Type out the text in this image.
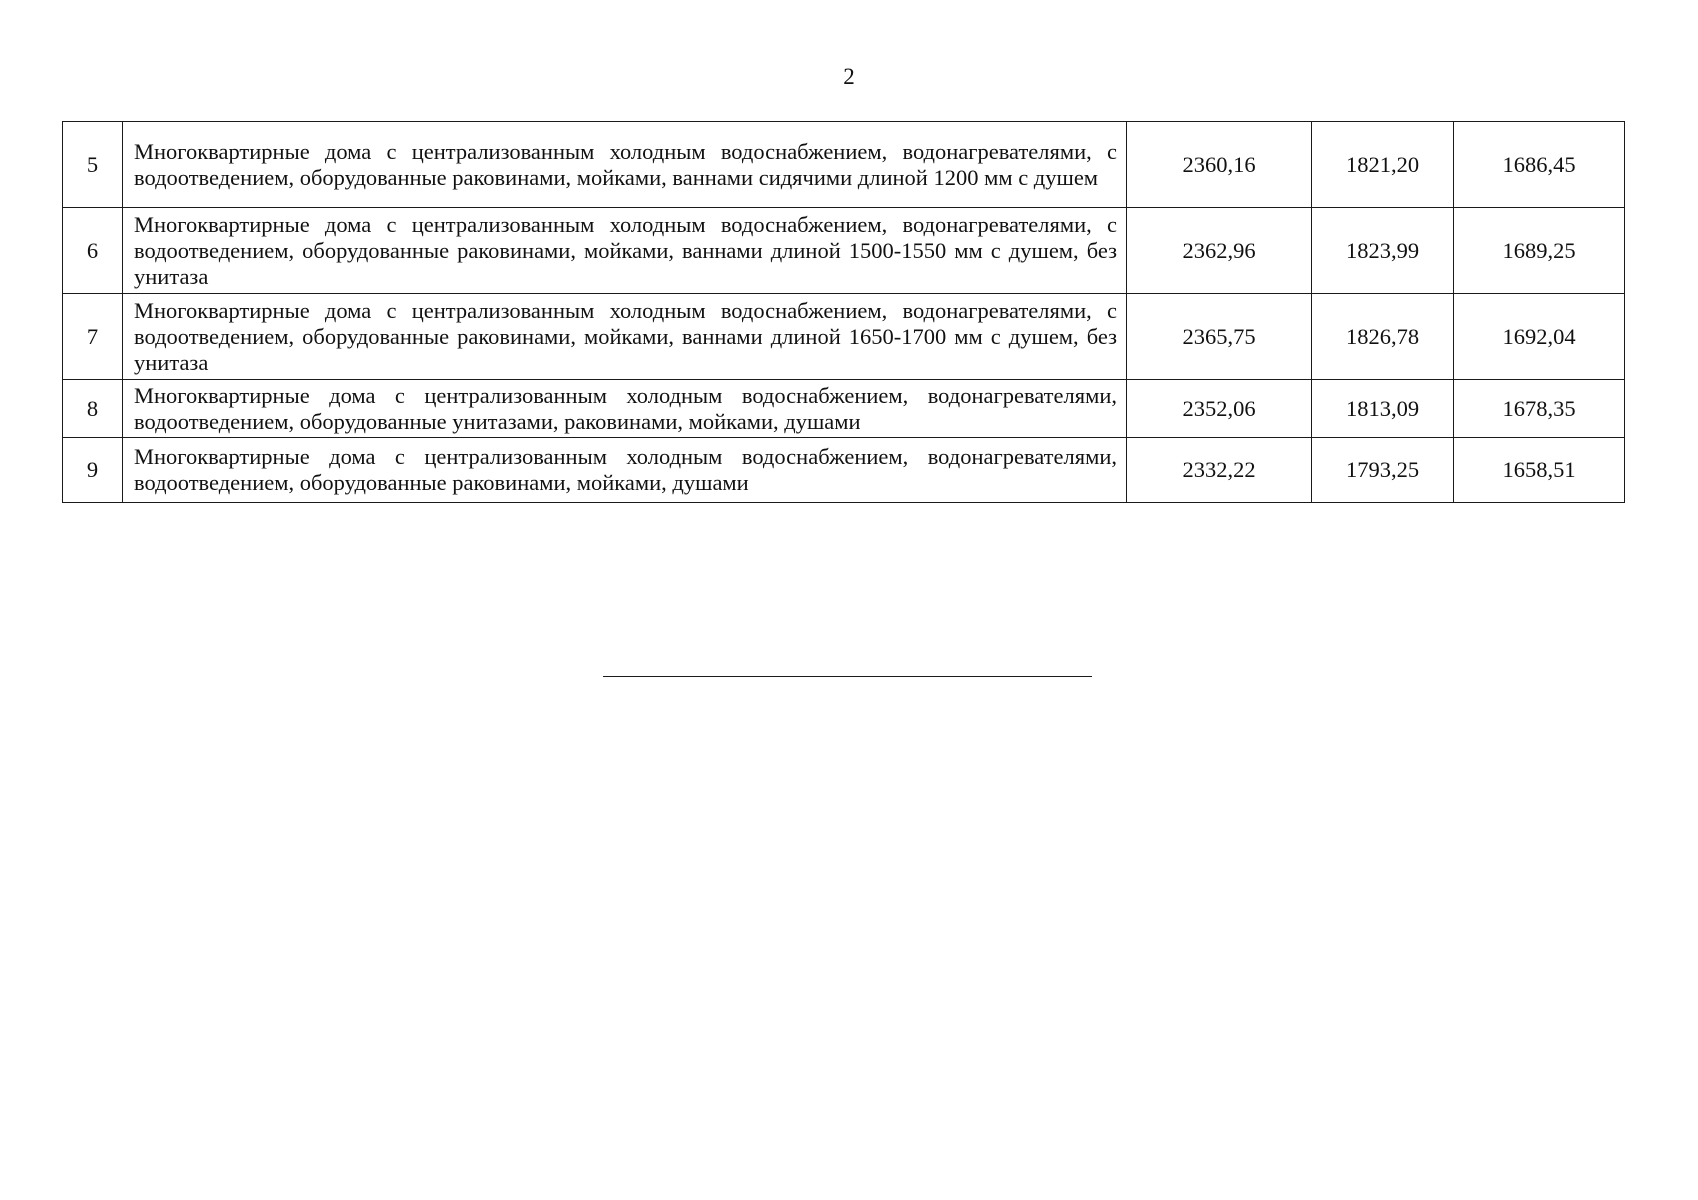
2
5	Многоквартирные дома с централизованным холодным водоснабжением, водонагревателями, с водоотведением, оборудованные раковинами, мойками, ваннами сидячими длиной 1200 мм с душем	2360,16	1821,20	1686,45
6	Многоквартирные дома с централизованным холодным водоснабжением, водонагревателями, с водоотведением, оборудованные раковинами, мойками, ваннами длиной 1500-1550 мм с душем, без унитаза	2362,96	1823,99	1689,25
7	Многоквартирные дома с централизованным холодным водоснабжением, водонагревателями, с водоотведением, оборудованные раковинами, мойками, ваннами длиной 1650-1700 мм с душем, без унитаза	2365,75	1826,78	1692,04
8	Многоквартирные дома с централизованным холодным водоснабжением, водонагревателями, водоотведением, оборудованные унитазами, раковинами, мойками, душами	2352,06	1813,09	1678,35
9	Многоквартирные дома с централизованным холодным водоснабжением, водонагревателями, водоотведением, оборудованные раковинами, мойками, душами	2332,22	1793,25	1658,51
